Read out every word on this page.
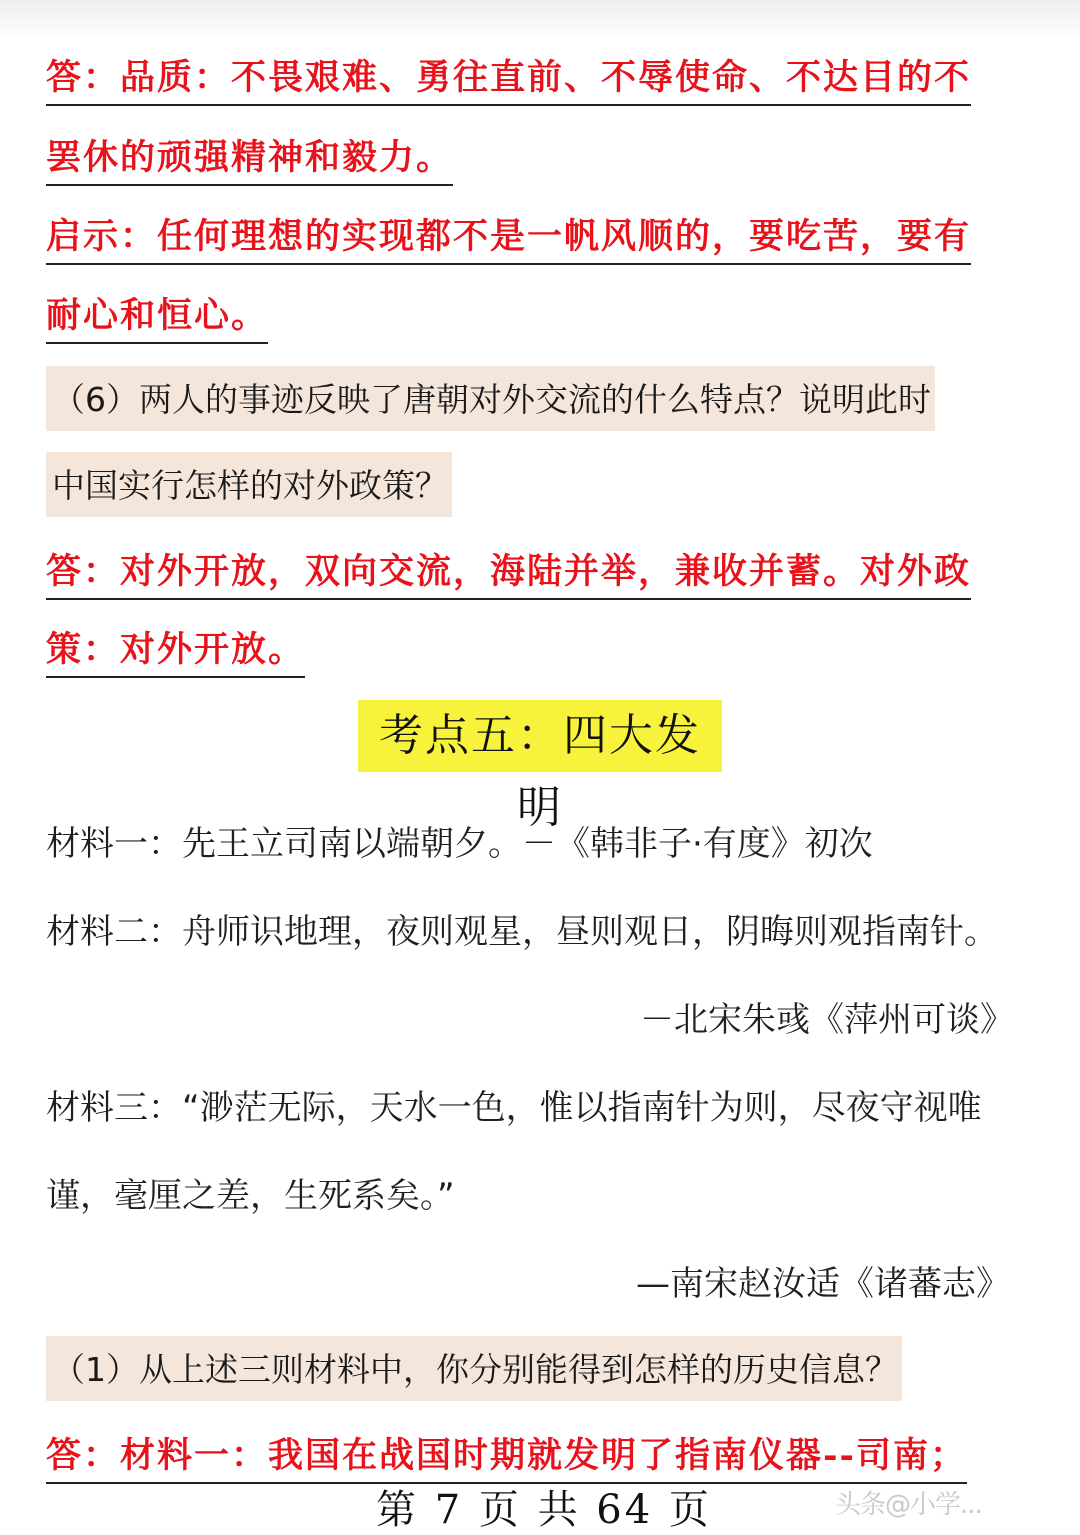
答：品质：不畏艰难、勇往直前、不辱使命、不达目的不
罢休的顽强精神和毅力。
启示：任何理想的实现都不是一帆风顺的，要吃苦，要有
耐心和恒心。
（6）两人的事迹反映了唐朝对外交流的什么特点？说明此时
中国实行怎样的对外政策？
答：对外开放，双向交流，海陆并举，兼收并蓄。对外政
策：对外开放。
考点五：四大发明
材料一：先王立司南以端朝夕。－《韩非子·有度》初次
材料二：舟师识地理，夜则观星，昼则观日，阴晦则观指南针。
－北宋朱彧《萍州可谈》
材料三：“渺茫无际，天水一色，惟以指南针为则，尽夜守视唯
谨，毫厘之差，生死系矣。”
—南宋赵汝适《诸蕃志》
（1）从上述三则材料中，你分别能得到怎样的历史信息？
答：材料一：我国在战国时期就发明了指南仪器--司南；
第 7 页 共 64 页	头条@小学...
